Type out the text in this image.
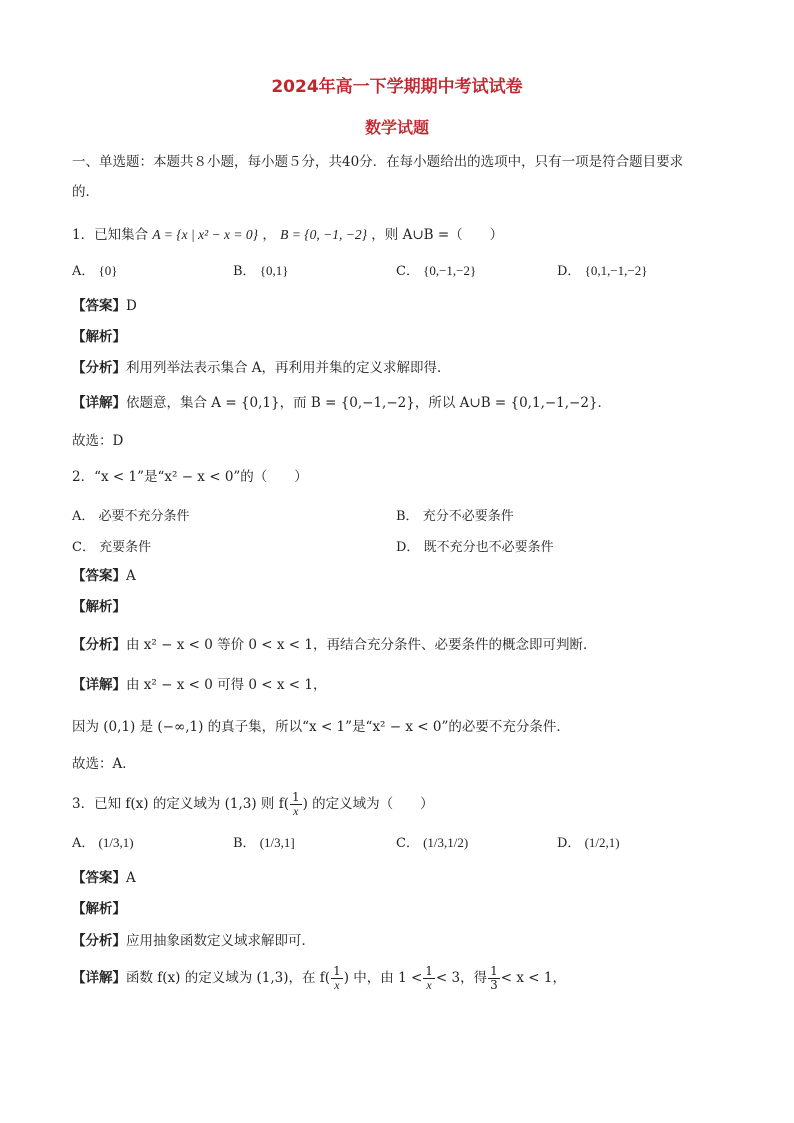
2024年高一下学期期中考试试卷
数学试题
一、单选题：本题共８小题，每小题５分，共40分．在每小题给出的选项中，只有一项是符合题目要求
的．
1．已知集合 A = {x | x² − x = 0} ， B = {0, −1, −2} ，则 A∪B =（　　）
A． {0}	B． {0,1}	C． {0,−1,−2}	D． {0,1,−1,−2}
【答案】D
【解析】
【分析】利用列举法表示集合 A，再利用并集的定义求解即得．
【详解】依题意，集合 A = {0,1}，而 B = {0,−1,−2}，所以 A∪B = {0,1,−1,−2}．
故选：D
2．“x < 1”是“x² − x < 0”的（　　）
A． 必要不充分条件	B． 充分不必要条件
C． 充要条件	D． 既不充分也不必要条件
【答案】A
【解析】
【分析】由 x² − x < 0 等价 0 < x < 1，再结合充分条件、必要条件的概念即可判断．
【详解】由 x² − x < 0 可得 0 < x < 1，
因为 (0,1) 是 (−∞,1) 的真子集，所以“x < 1”是“x² − x < 0”的必要不充分条件．
故选：A．
3．已知 f(x) 的定义域为 (1,3) 则 $f( \frac{1}{x}$ ) 的定义域为（　　）
A． (1/3,1)	B． (1/3,1]	C． (1/3,1/2)	D． (1/2,1)
【答案】A
【解析】
【分析】应用抽象函数定义域求解即可．
【详解】函数 f(x) 的定义域为 (1,3)，在 $f( \frac{1}{x}$ ) 中，由 $1 < \frac{1}{x} < 3$，得 $\frac{1}{3} < x < 1$，
